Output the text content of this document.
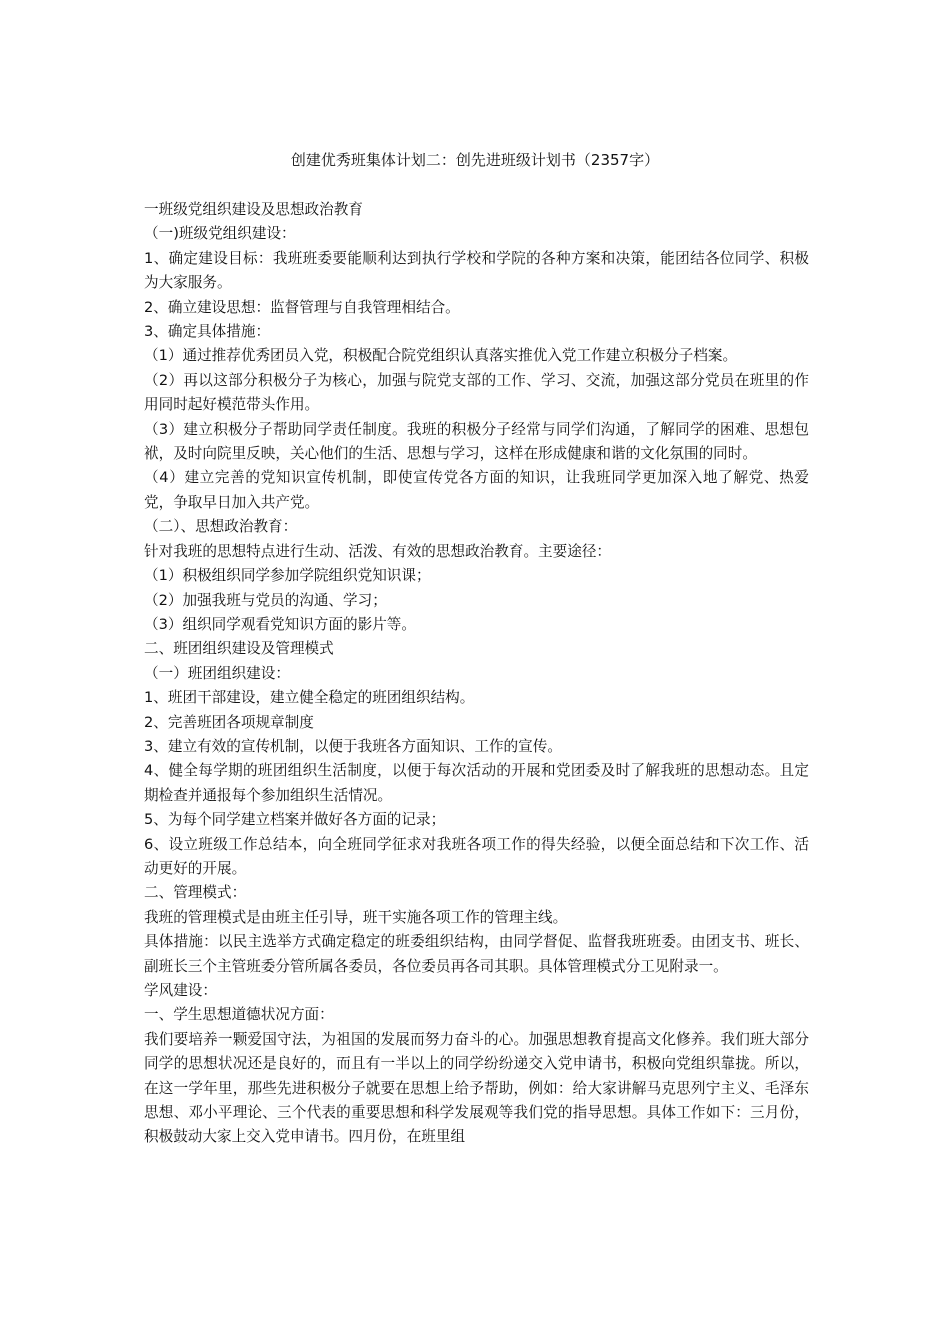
创建优秀班集体计划二：创先进班级计划书（2357字）

一班级党组织建设及思想政治教育

（一)班级党组织建设：

1、确定建设目标：我班班委要能顺利达到执行学校和学院的各种方案和决策，能团结各位同学、积极为大家服务。

2、确立建设思想：监督管理与自我管理相结合。

3、确定具体措施：

（1）通过推荐优秀团员入党，积极配合院党组织认真落实推优入党工作建立积极分子档案。

（2）再以这部分积极分子为核心，加强与院党支部的工作、学习、交流，加强这部分党员在班里的作用同时起好模范带头作用。

（3）建立积极分子帮助同学责任制度。我班的积极分子经常与同学们沟通，了解同学的困难、思想包袱，及时向院里反映，关心他们的生活、思想与学习，这样在形成健康和谐的文化氛围的同时。

（4）建立完善的党知识宣传机制，即使宣传党各方面的知识，让我班同学更加深入地了解党、热爱党，争取早日加入共产党。

（二）、思想政治教育：

针对我班的思想特点进行生动、活泼、有效的思想政治教育。主要途径：

（1）积极组织同学参加学院组织党知识课；

（2）加强我班与党员的沟通、学习；

（3）组织同学观看党知识方面的影片等。

二、班团组织建设及管理模式

（一）班团组织建设：

1、班团干部建设，建立健全稳定的班团组织结构。

2、完善班团各项规章制度

3、建立有效的宣传机制，以便于我班各方面知识、工作的宣传。

4、健全每学期的班团组织生活制度，以便于每次活动的开展和党团委及时了解我班的思想动态。且定期检查并通报每个参加组织生活情况。

5、为每个同学建立档案并做好各方面的记录；

6、设立班级工作总结本，向全班同学征求对我班各项工作的得失经验，以便全面总结和下次工作、活动更好的开展。

二、管理模式：

我班的管理模式是由班主任引导，班干实施各项工作的管理主线。

具体措施：以民主选举方式确定稳定的班委组织结构，由同学督促、监督我班班委。由团支书、班长、副班长三个主管班委分管所属各委员，各位委员再各司其职。具体管理模式分工见附录一。

学风建设：

一、学生思想道德状况方面：

我们要培养一颗爱国守法，为祖国的发展而努力奋斗的心。加强思想教育提高文化修养。我们班大部分同学的思想状况还是良好的，而且有一半以上的同学纷纷递交入党申请书，积极向党组织靠拢。所以，在这一学年里，那些先进积极分子就要在思想上给予帮助，例如：给大家讲解马克思列宁主义、毛泽东思想、邓小平理论、三个代表的重要思想和科学发展观等我们党的指导思想。具体工作如下：三月份，积极鼓动大家上交入党申请书。四月份，在班里组
